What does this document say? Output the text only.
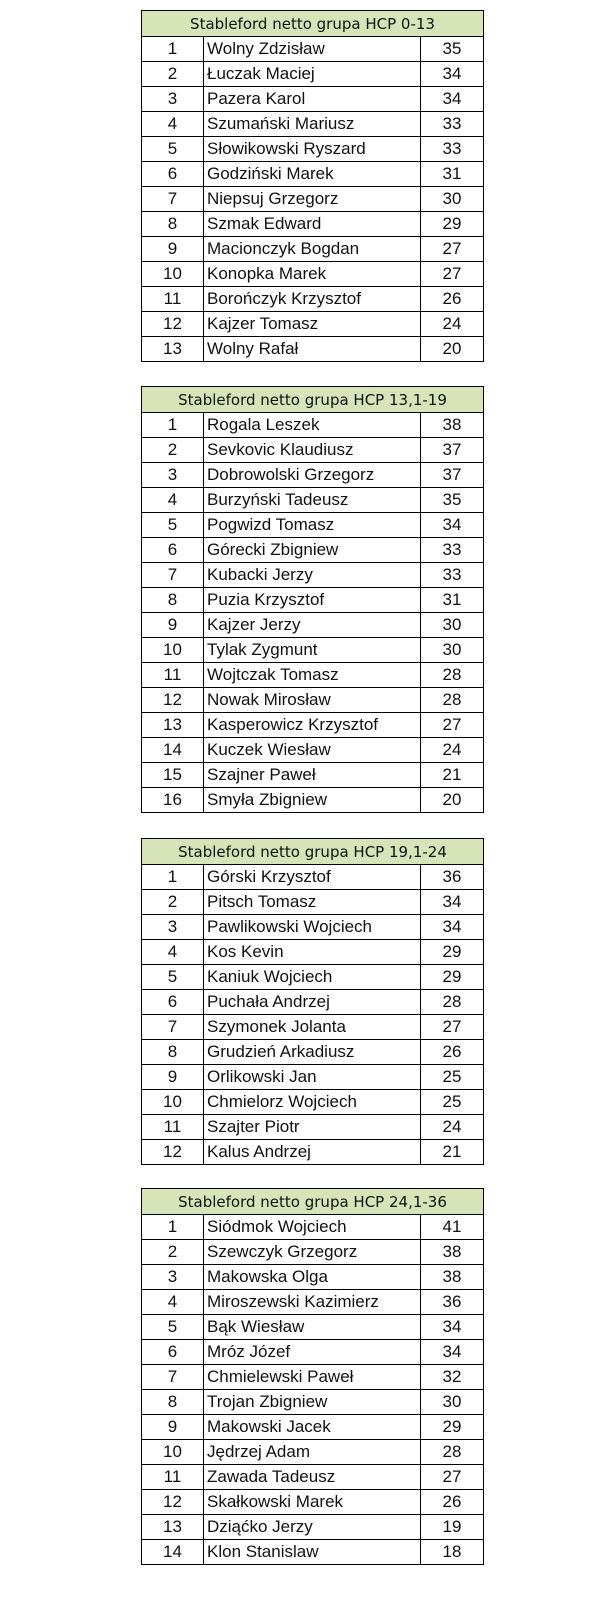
Stableford netto grupa HCP 0-13		
1	Wolny Zdzisław	35
2	Łuczak Maciej	34
3	Pazera Karol	34
4	Szumański Mariusz	33
5	Słowikowski Ryszard	33
6	Godziński Marek	31
7	Niepsuj Grzegorz	30
8	Szmak Edward	29
9	Macionczyk Bogdan	27
10	Konopka Marek	27
11	Borończyk Krzysztof	26
12	Kajzer Tomasz	24
13	Wolny Rafał	20
Stableford netto grupa HCP 13,1-19		
1	Rogala Leszek	38
2	Sevkovic Klaudiusz	37
3	Dobrowolski Grzegorz	37
4	Burzyński Tadeusz	35
5	Pogwizd Tomasz	34
6	Górecki Zbigniew	33
7	Kubacki Jerzy	33
8	Puzia Krzysztof	31
9	Kajzer Jerzy	30
10	Tylak Zygmunt	30
11	Wojtczak Tomasz	28
12	Nowak Mirosław	28
13	Kasperowicz Krzysztof	27
14	Kuczek Wiesław	24
15	Szajner Paweł	21
16	Smyła Zbigniew	20
Stableford netto grupa HCP 19,1-24		
1	Górski Krzysztof	36
2	Pitsch Tomasz	34
3	Pawlikowski Wojciech	34
4	Kos Kevin	29
5	Kaniuk Wojciech	29
6	Puchała Andrzej	28
7	Szymonek Jolanta	27
8	Grudzień Arkadiusz	26
9	Orlikowski Jan	25
10	Chmielorz Wojciech	25
11	Szajter Piotr	24
12	Kalus Andrzej	21
Stableford netto grupa HCP 24,1-36		
1	Siódmok Wojciech	41
2	Szewczyk Grzegorz	38
3	Makowska Olga	38
4	Miroszewski Kazimierz	36
5	Bąk Wiesław	34
6	Mróz Józef	34
7	Chmielewski Paweł	32
8	Trojan Zbigniew	30
9	Makowski Jacek	29
10	Jędrzej Adam	28
11	Zawada Tadeusz	27
12	Skałkowski Marek	26
13	Dziąćko Jerzy	19
14	Klon Stanislaw	18
